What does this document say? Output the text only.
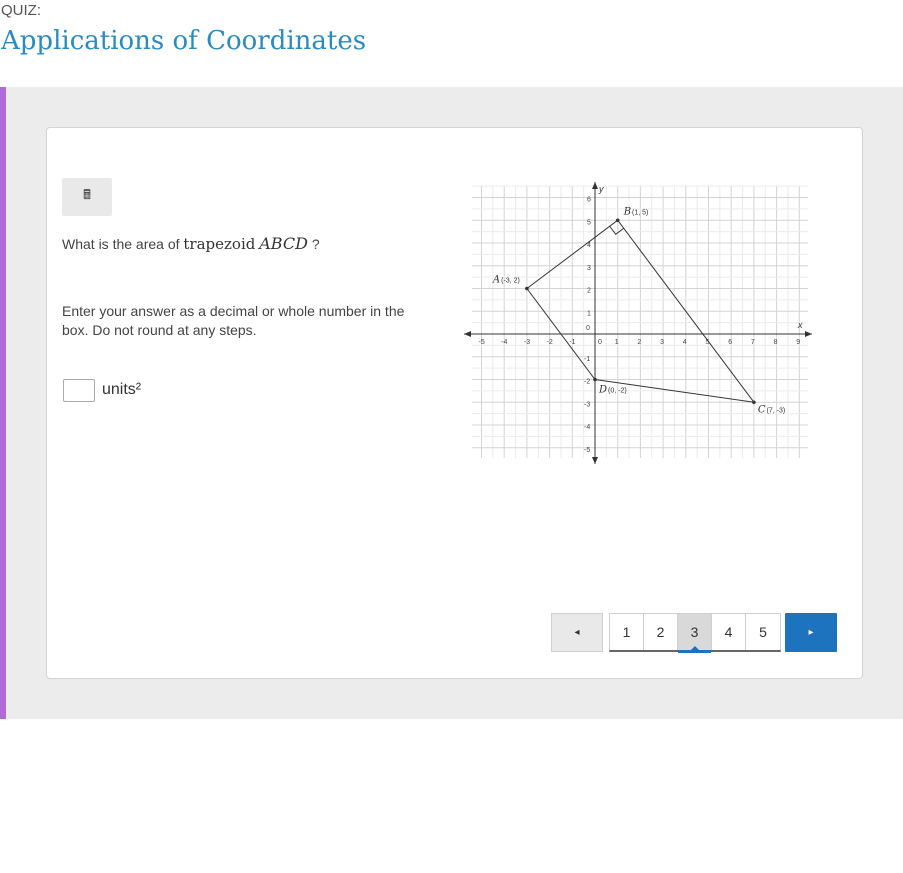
QUIZ:
Applications of Coordinates
🖩
What is the area of trapezoid ABCD ?
Enter your answer as a decimal or whole number in the box. Do not round at any steps.
units²
x
y
-5 -4 -3 -2 -1	0 1	2	3	4	5	6	7	8	9
6
5
4
3
2
1
0
-1
-2
-3
-4
-5
A(-3, 2)
B(1, 5)
C(7, -3)
D(0, -2)
◂	1	2	3	4	5	▸
